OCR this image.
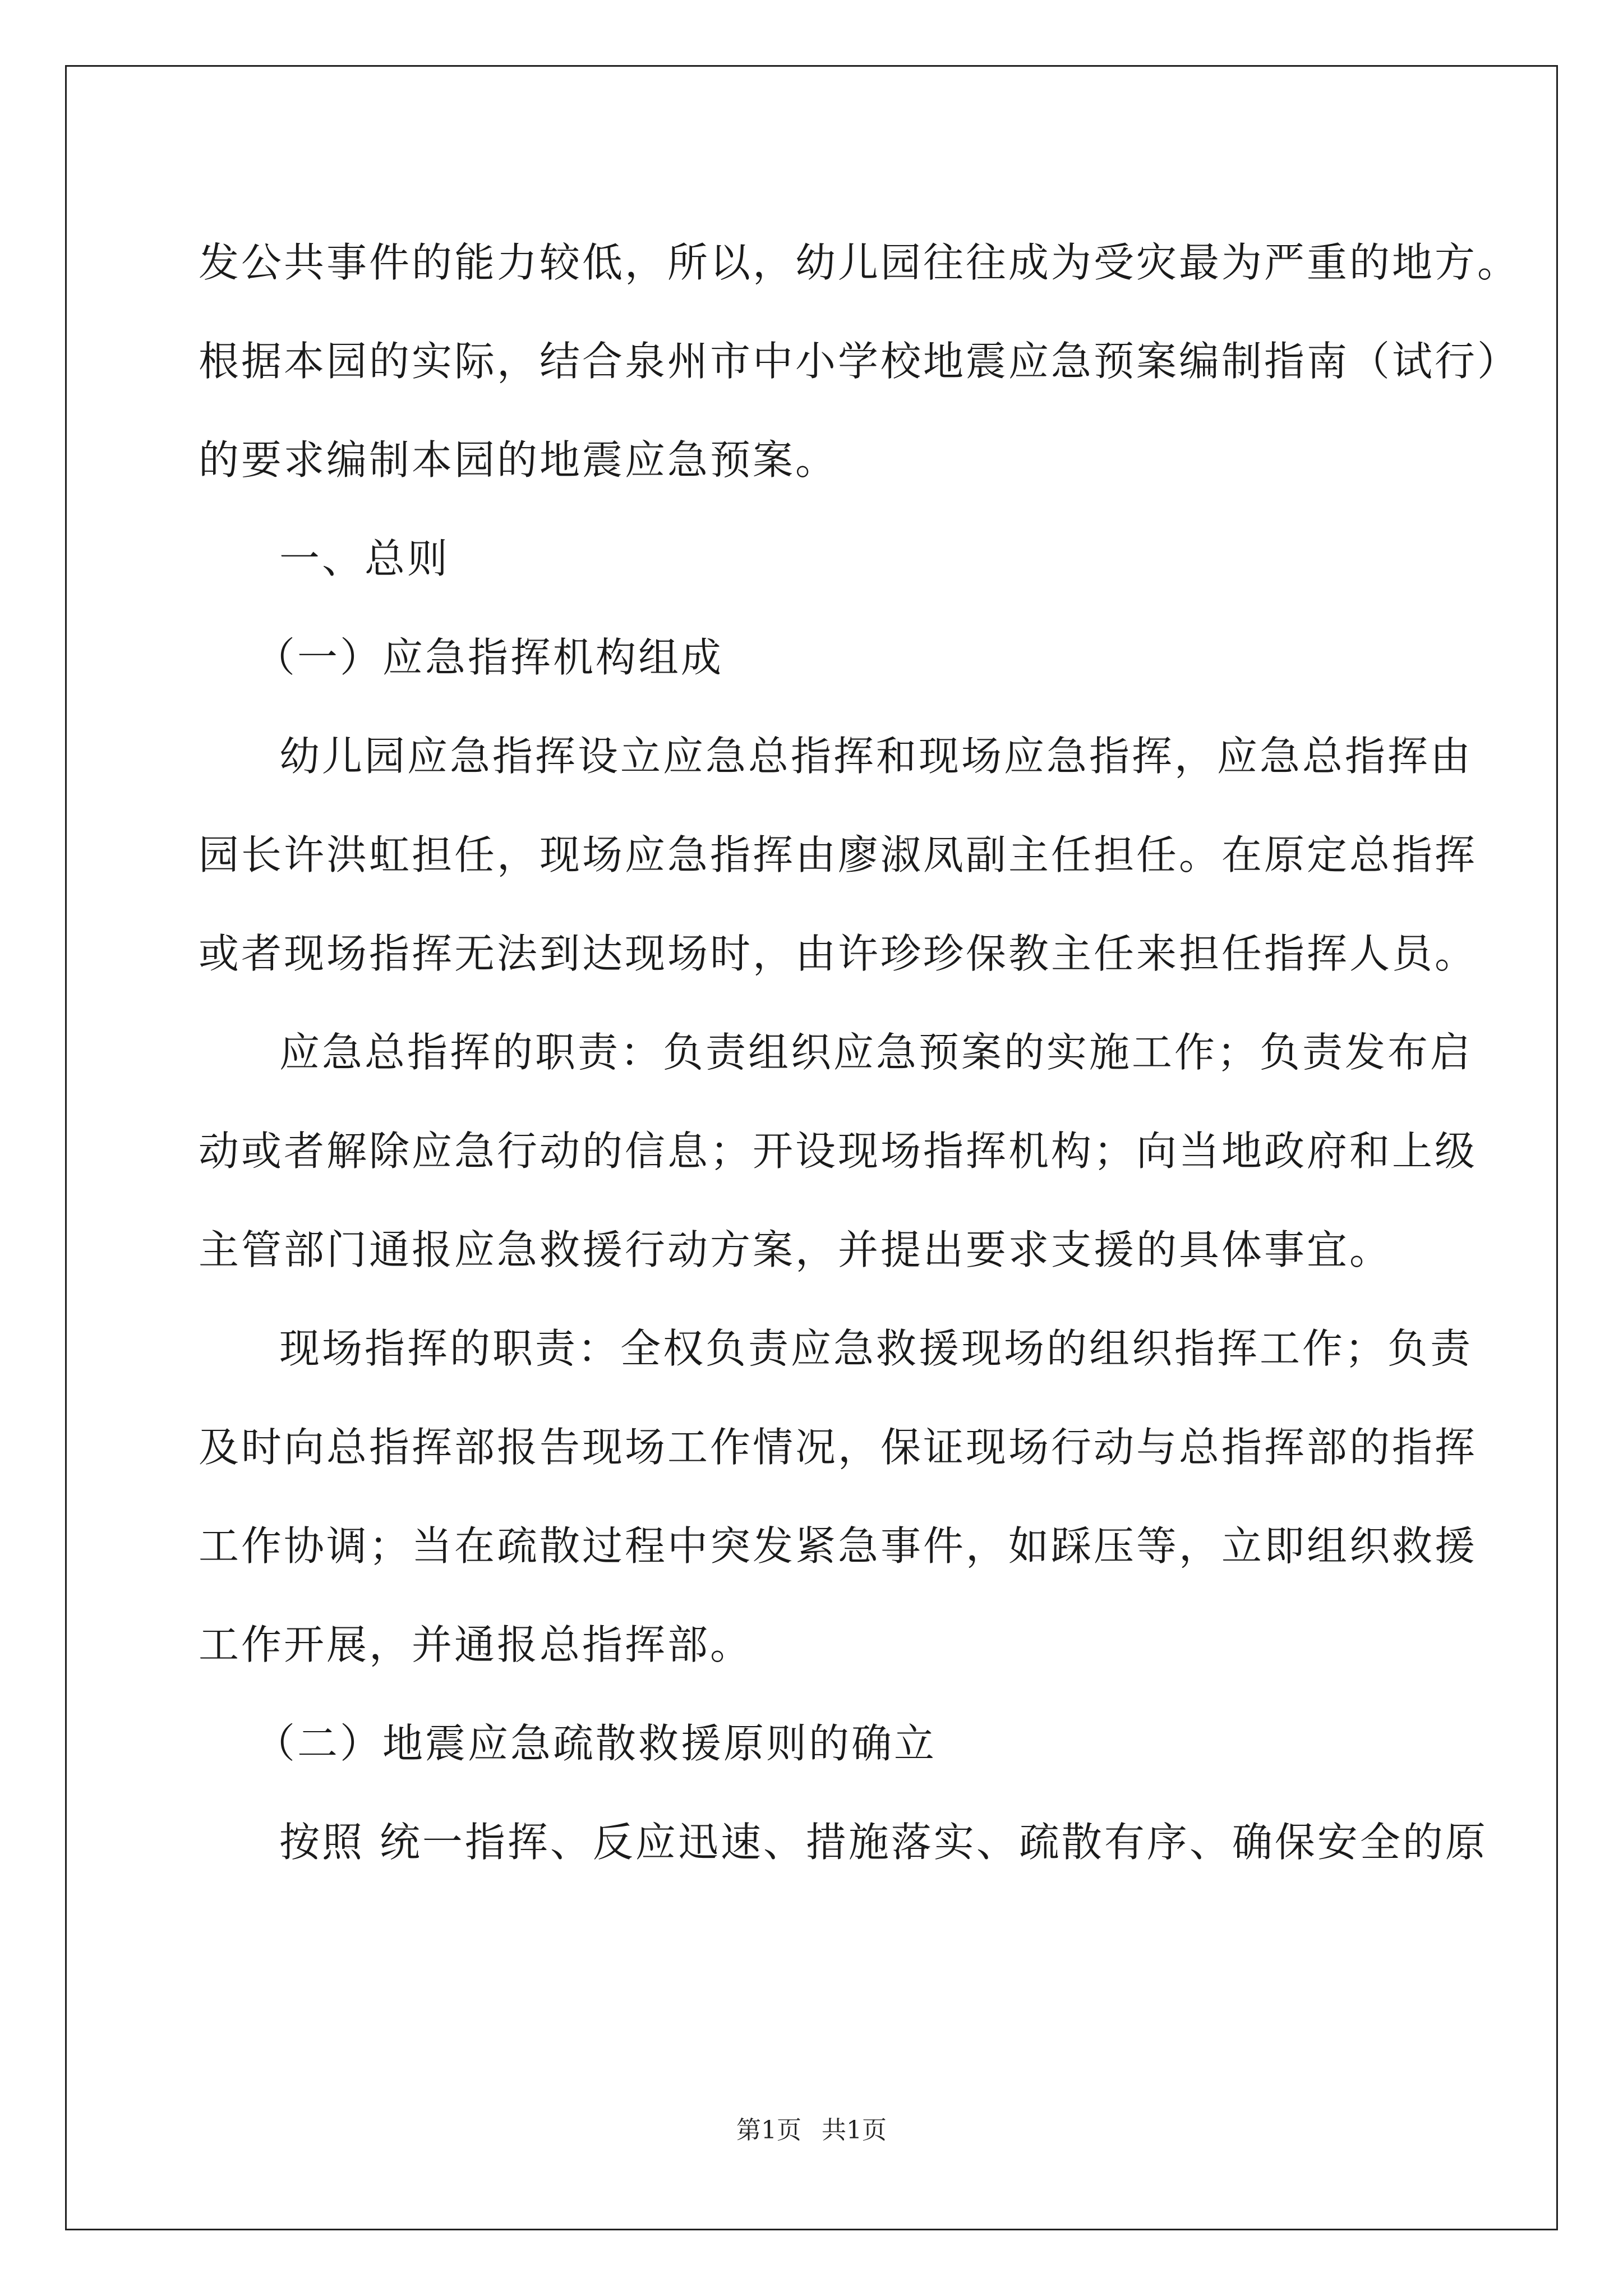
发公共事件的能力较低，所以，幼儿园往往成为受灾最为严重的地方。
根据本园的实际，结合泉州市中小学校地震应急预案编制指南（试行）
的要求编制本园的地震应急预案。
一、总则
（一）应急指挥机构组成
幼儿园应急指挥设立应急总指挥和现场应急指挥，应急总指挥由
园长许洪虹担任，现场应急指挥由廖淑凤副主任担任。在原定总指挥
或者现场指挥无法到达现场时，由许珍珍保教主任来担任指挥人员。
应急总指挥的职责：负责组织应急预案的实施工作；负责发布启
动或者解除应急行动的信息；开设现场指挥机构；向当地政府和上级
主管部门通报应急救援行动方案，并提出要求支援的具体事宜。
现场指挥的职责：全权负责应急救援现场的组织指挥工作；负责
及时向总指挥部报告现场工作情况，保证现场行动与总指挥部的指挥
工作协调；当在疏散过程中突发紧急事件，如踩压等，立即组织救援
工作开展，并通报总指挥部。
（二）地震应急疏散救援原则的确立
按照 统一指挥、反应迅速、措施落实、疏散有序、确保安全的原
第1页 共1页
